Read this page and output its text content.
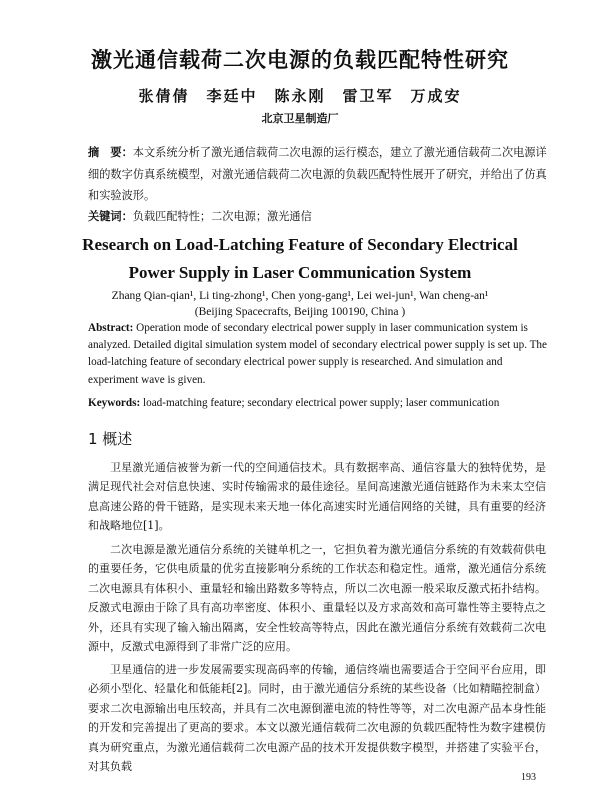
激光通信载荷二次电源的负载匹配特性研究
张倩倩　李廷中　陈永刚　雷卫军　万成安
北京卫星制造厂
摘　要：本文系统分析了激光通信载荷二次电源的运行模态，建立了激光通信载荷二次电源详细的数字仿真系统模型，对激光通信载荷二次电源的负载匹配特性展开了研究，并给出了仿真和实验波形。
关键词：负载匹配特性；二次电源；激光通信
Research on Load-Latching Feature of Secondary Electrical Power Supply in Laser Communication System
Zhang Qian-qian¹, Li ting-zhong¹, Chen yong-gang¹, Lei wei-jun¹, Wan cheng-an¹
(Beijing Spacecrafts, Beijing 100190, China )
Abstract: Operation mode of secondary electrical power supply in laser communication system is analyzed. Detailed digital simulation system model of secondary electrical power supply is set up. The load-latching feature of secondary electrical power supply is researched. And simulation and experiment wave is given.
Keywords: load-matching feature; secondary electrical power supply; laser communication
1 概述

卫星激光通信被誉为新一代的空间通信技术。具有数据率高、通信容量大的独特优势，是满足现代社会对信息快速、实时传输需求的最佳途径。星间高速激光通信链路作为未来太空信息高速公路的骨干链路，是实现未来天地一体化高速实时光通信网络的关键，具有重要的经济和战略地位[1]。

二次电源是激光通信分系统的关键单机之一，它担负着为激光通信分系统的有效载荷供电的重要任务，它供电质量的优劣直接影响分系统的工作状态和稳定性。通常，激光通信分系统二次电源具有体积小、重量轻和输出路数多等特点，所以二次电源一般采取反激式拓扑结构。反激式电源由于除了具有高功率密度、体积小、重量轻以及方求高效和高可靠性等主要特点之外，还具有实现了输入输出隔离，安全性较高等特点，因此在激光通信分系统有效载荷二次电源中，反激式电源得到了非常广泛的应用。

卫星通信的进一步发展需要实现高码率的传输，通信终端也需要适合于空间平台应用，即必须小型化、轻量化和低能耗[2]。同时，由于激光通信分系统的某些设备（比如精瞄控制盒）要求二次电源输出电压较高，并具有二次电源倒灌电流的特性等等，对二次电源产品本身性能的开发和完善提出了更高的要求。本文以激光通信载荷二次电源的负载匹配特性为数字建模仿真为研究重点，为激光通信载荷二次电源产品的技术开发提供数字模型，并搭建了实验平台，对其负载

193
